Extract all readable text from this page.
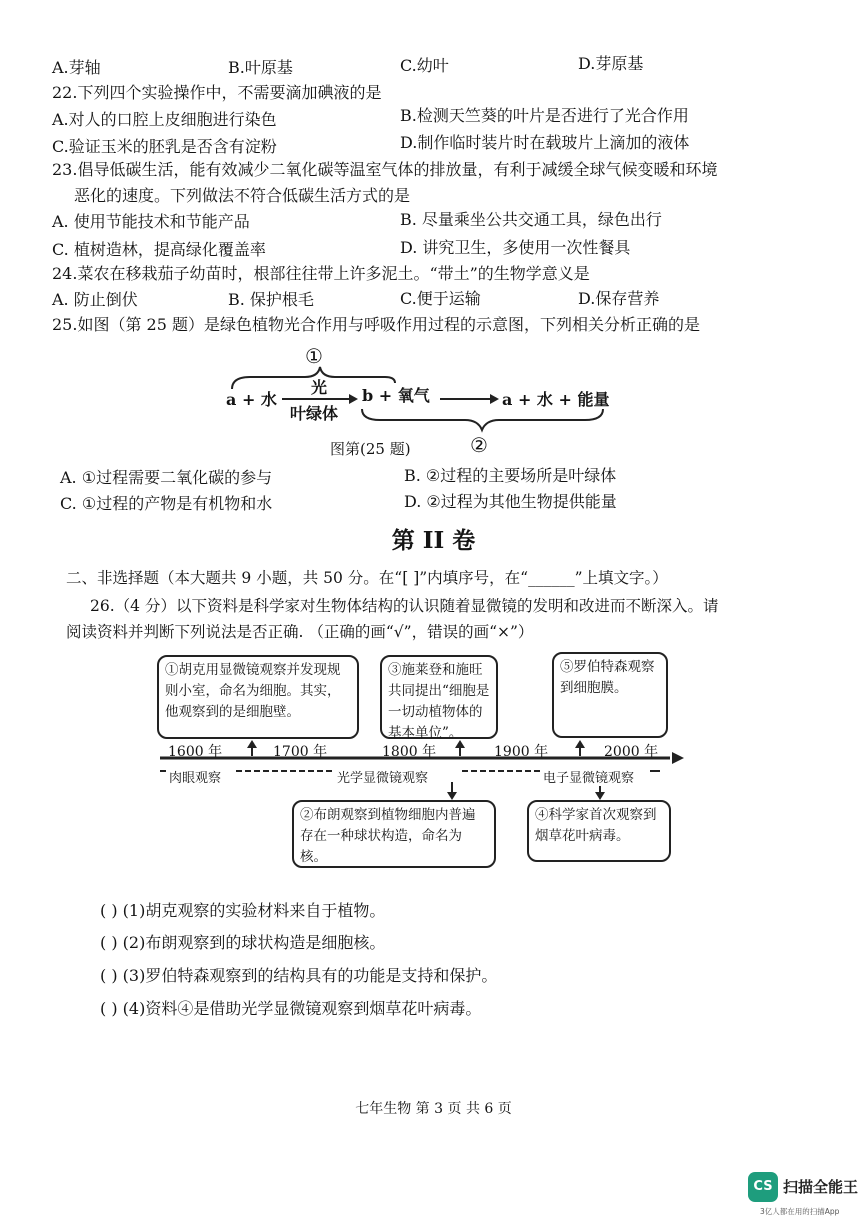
A.芽轴	B.叶原基	C.幼叶	D.芽原基
22.下列四个实验操作中，不需要滴加碘液的是
A.对人的口腔上皮细胞进行染色	B.检测天竺葵的叶片是否进行了光合作用
C.验证玉米的胚乳是否含有淀粉	D.制作临时装片时在载玻片上滴加的液体
23.倡导低碳生活，能有效减少二氧化碳等温室气体的排放量，有利于减缓全球气候变暖和环境
恶化的速度。下列做法不符合低碳生活方式的是
A. 使用节能技术和节能产品	B. 尽量乘坐公共交通工具，绿色出行
C. 植树造林，提高绿化覆盖率	D. 讲究卫生，多使用一次性餐具
24.菜农在移栽茄子幼苗时，根部往往带上许多泥土。“带土”的生物学意义是
A. 防止倒伏	B. 保护根毛	C.便于运输	D.保存营养
25.如图（第 25 题）是绿色植物光合作用与呼吸作用过程的示意图，下列相关分析正确的是
①
光
a + 水
叶绿体
b + 氧气	a + 水 + 能量
图第(25 题)	②
A. ①过程需要二氧化碳的参与	B. ②过程的主要场所是叶绿体
C. ①过程的产物是有机物和水	D. ②过程为其他生物提供能量
第 II 卷
二、非选择题（本大题共 9 小题，共 50 分。在“[ ]”内填序号，在“______”上填文字。）
26.（4 分）以下资料是科学家对生物体结构的认识随着显微镜的发明和改进而不断深入。请
阅读资料并判断下列说法是否正确. （正确的画“√”，错误的画“×”）
①胡克用显微镜观察并发现规则小室，命名为细胞。其实，他观察到的是细胞壁。
③施莱登和施旺共同提出“细胞是一切动植物体的基本单位”。
⑤罗伯特森观察到细胞膜。
②布朗观察到植物细胞内普遍存在一种球状构造，命名为核。
④科学家首次观察到烟草花叶病毒。
1600 年	1700 年	1800 年	1900 年	2000 年
肉眼观察	光学显微镜观察	电子显微镜观察
( ) (1)胡克观察的实验材料来自于植物。
( ) (2)布朗观察到的球状构造是细胞核。
( ) (3)罗伯特森观察到的结构具有的功能是支持和保护。
( ) (4)资料④是借助光学显微镜观察到烟草花叶病毒。
七年生物 第 3 页 共 6 页
CS 扫描全能王
3亿人都在用的扫描App
